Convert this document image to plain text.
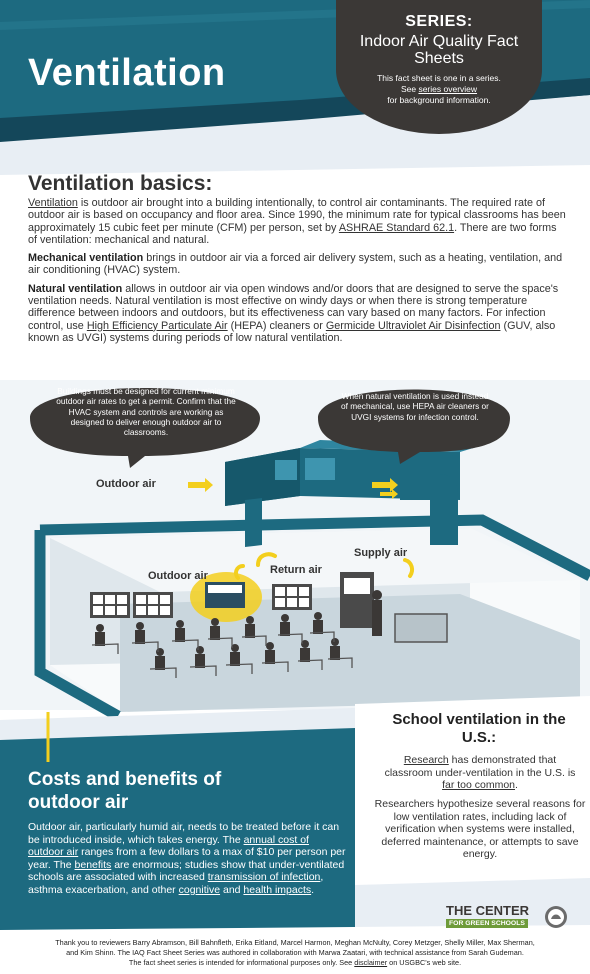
Ventilation
SERIES:
Indoor Air Quality Fact Sheets
This fact sheet is one in a series.
See series overview
for background information.
Ventilation basics:

Ventilation is outdoor air brought into a building intentionally, to control air contaminants. The required rate of outdoor air is based on occupancy and floor area. Since 1990, the minimum rate for typical classrooms has been approximately 15 cubic feet per minute (CFM) per person, set by ASHRAE Standard 62.1. There are two forms of ventilation: mechanical and natural.

Mechanical ventilation brings in outdoor air via a forced air delivery system, such as a heating, ventilation, and air conditioning (HVAC) system.

Natural ventilation allows in outdoor air via open windows and/or doors that are designed to serve the space's ventilation needs. Natural ventilation is most effective on windy days or when there is strong temperature difference between indoors and outdoors, but its effectiveness can vary based on many factors. For infection control, use High Efficiency Particulate Air (HEPA) cleaners or Germicide Ultraviolet Air Disinfection (GUV, also known as UVGI) systems during periods of low natural ventilation.

Buildings must be designed for current minimum outdoor air rates to get a permit. Confirm that the HVAC system and controls are working as designed to deliver enough outdoor air to classrooms.
When natural ventilation is used instead of mechanical, use HEPA air cleaners or UVGI systems for infection control.
Outdoor air
Outdoor air	Return air
Supply air
School ventilation in the U.S.:
Research has demonstrated that classroom under-ventilation in the U.S. is far too common.
Researchers hypothesize several reasons for low ventilation rates, including lack of verification when systems were installed, deferred maintenance, or attempts to save energy.
Costs and benefits of outdoor air
Outdoor air, particularly humid air, needs to be treated before it can be introduced inside, which takes energy. The annual cost of outdoor air ranges from a few dollars to a max of $10 per person per year. The benefits are enormous; studies show that under-ventilated schools are associated with increased transmission of infection, asthma exacerbation, and other cognitive and health impacts.
THE CENTER
FOR GREEN SCHOOLS
Thank you to reviewers Barry Abramson, Bill Bahnfleth, Erika Eitland, Marcel Harmon, Meghan McNulty, Corey Metzger, Shelly Miller, Max Sherman,
and Kim Shinn. The IAQ Fact Sheet Series was authored in collaboration with Marwa Zaatari, with technical assistance from Sarah Gudeman.
The fact sheet series is intended for informational purposes only. See disclaimer on USGBC's web site.
